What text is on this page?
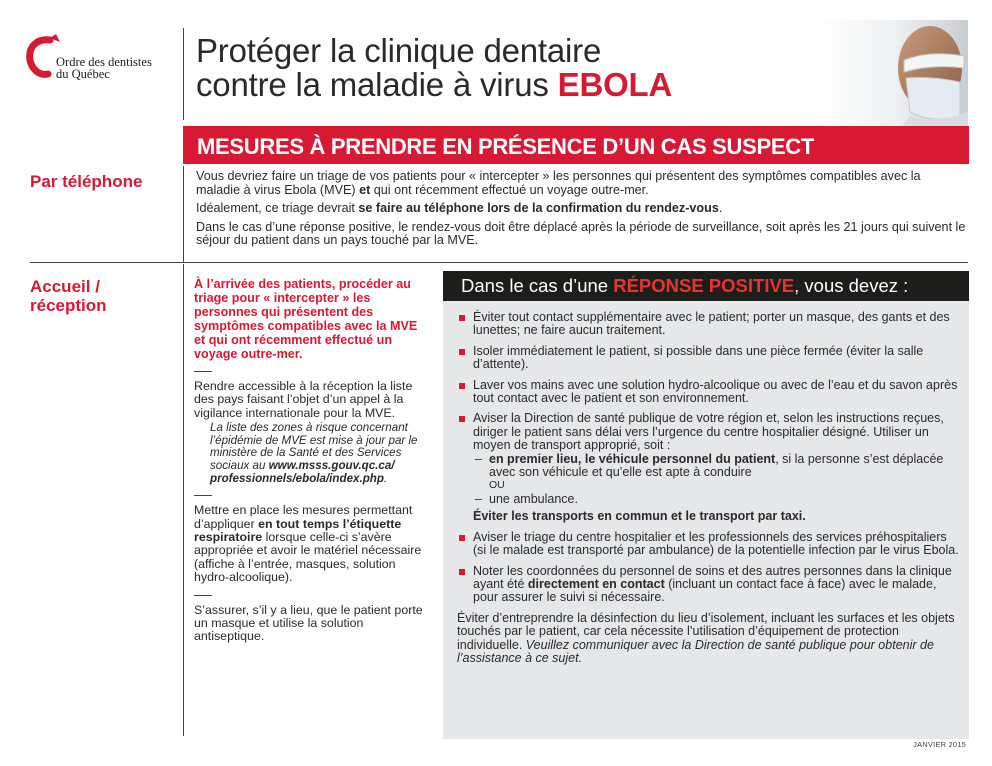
Ordre des dentistes
du Québec
Protéger la clinique dentaire
contre la maladie à virus EBOLA
MESURES À PRENDRE EN PRÉSENCE D’UN CAS SUSPECT
Par téléphone	Vous devriez faire un triage de vos patients pour « intercepter » les personnes qui présentent des symptômes compatibles avec la maladie à virus Ebola (MVE) et qui ont récemment effectué un voyage outre-mer.

Idéalement, ce triage devrait se faire au téléphone lors de la confirmation du rendez-vous.

Dans le cas d’une réponse positive, le rendez-vous doit être déplacé après la période de surveillance, soit après les 21 jours qui suivent le séjour du patient dans un pays touché par la MVE.

Accueil /
réception
À l’arrivée des patients, procéder au triage pour « intercepter » les personnes qui présentent des symptômes compatibles avec la MVE et qui ont récemment effectué un voyage outre-mer.
Rendre accessible à la réception la liste des pays faisant l’objet d’un appel à la vigilance internationale pour la MVE.
La liste des zones à risque concernant l’épidémie de MVE est mise à jour par le ministère de la Santé et des Services sociaux au www.msss.gouv.qc.ca/ professionnels/ebola/index.php.
Mettre en place les mesures permettant d’appliquer en tout temps l’étiquette respiratoire lorsque celle-ci s’avère appropriée et avoir le matériel nécessaire (affiche à l’entrée, masques, solution hydro-alcoolique).
S’assurer, s’il y a lieu, que le patient porte un masque et utilise la solution antiseptique.
Dans le cas d’une RÉPONSE POSITIVE, vous devez :
Éviter tout contact supplémentaire avec le patient; porter un masque, des gants et des lunettes; ne faire aucun traitement.
Isoler immédiatement le patient, si possible dans une pièce fermée (éviter la salle d’attente).
Laver vos mains avec une solution hydro-alcoolique ou avec de l’eau et du savon après tout contact avec le patient et son environnement.
Aviser la Direction de santé publique de votre région et, selon les instructions reçues, diriger le patient sans délai vers l’urgence du centre hospitalier désigné. Utiliser un moyen de transport approprié, soit :
– en premier lieu, le véhicule personnel du patient, si la personne s’est déplacée avec son véhicule et qu’elle est apte à conduire
OU
– une ambulance.
Éviter les transports en commun et le transport par taxi.
Aviser le triage du centre hospitalier et les professionnels des services préhospitaliers (si le malade est transporté par ambulance) de la potentielle infection par le virus Ebola.
Noter les coordonnées du personnel de soins et des autres personnes dans la clinique ayant été directement en contact (incluant un contact face à face) avec le malade, pour assurer le suivi si nécessaire.
Éviter d’entreprendre la désinfection du lieu d’isolement, incluant les surfaces et les objets touchés par le patient, car cela nécessite l’utilisation d’équipement de protection individuelle. Veuillez communiquer avec la Direction de santé publique pour obtenir de l’assistance à ce sujet.
JANVIER 2015
